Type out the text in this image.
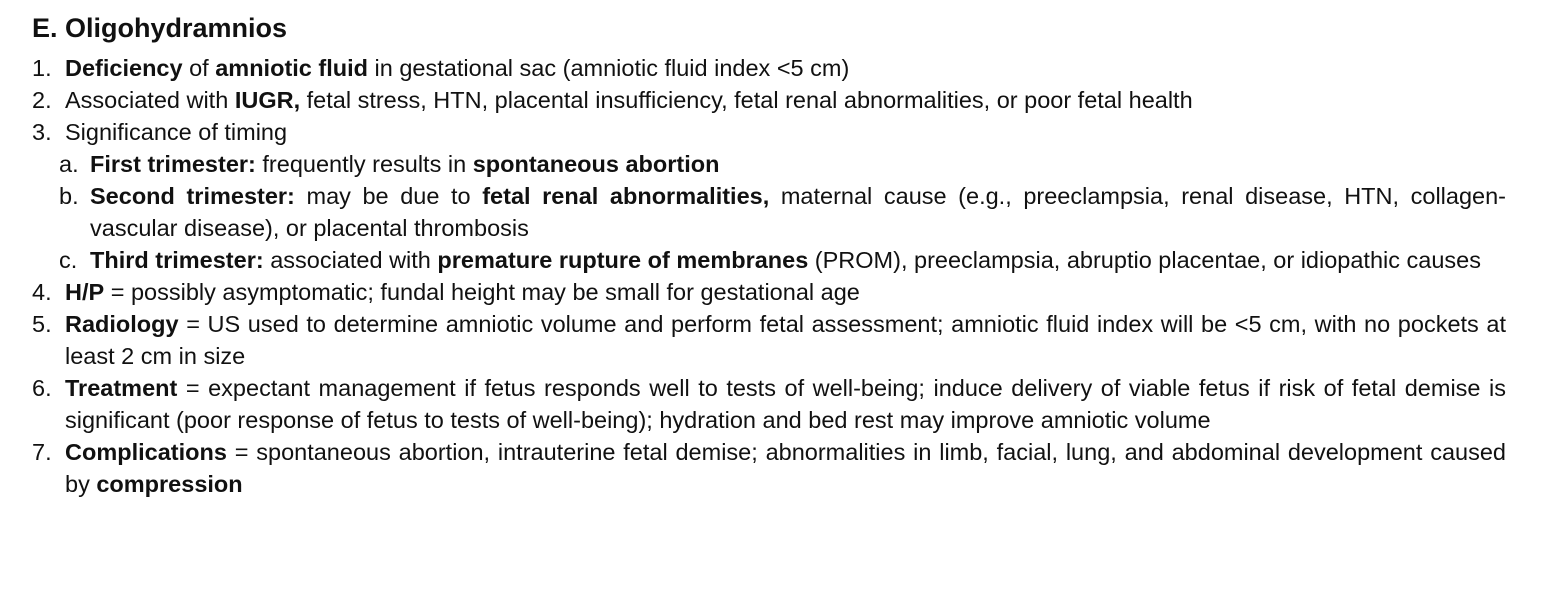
E. Oligohydramnios
1. Deficiency of amniotic fluid in gestational sac (amniotic fluid index <5 cm)
2. Associated with IUGR, fetal stress, HTN, placental insufficiency, fetal renal abnormalities, or poor fetal health
3. Significance of timing
a. First trimester: frequently results in spontaneous abortion
b. Second trimester: may be due to fetal renal abnormalities, maternal cause (e.g., preeclampsia, renal disease, HTN, collagen-vascular disease), or placental thrombosis
c. Third trimester: associated with premature rupture of membranes (PROM), preeclampsia, abruptio placentae, or idiopathic causes
4. H/P = possibly asymptomatic; fundal height may be small for gestational age
5. Radiology = US used to determine amniotic volume and perform fetal assessment; amniotic fluid index will be <5 cm, with no pockets at least 2 cm in size
6. Treatment = expectant management if fetus responds well to tests of well-being; induce delivery of viable fetus if risk of fetal demise is significant (poor response of fetus to tests of well-being); hydration and bed rest may improve amniotic volume
7. Complications = spontaneous abortion, intrauterine fetal demise; abnormalities in limb, facial, lung, and abdominal development caused by compression
